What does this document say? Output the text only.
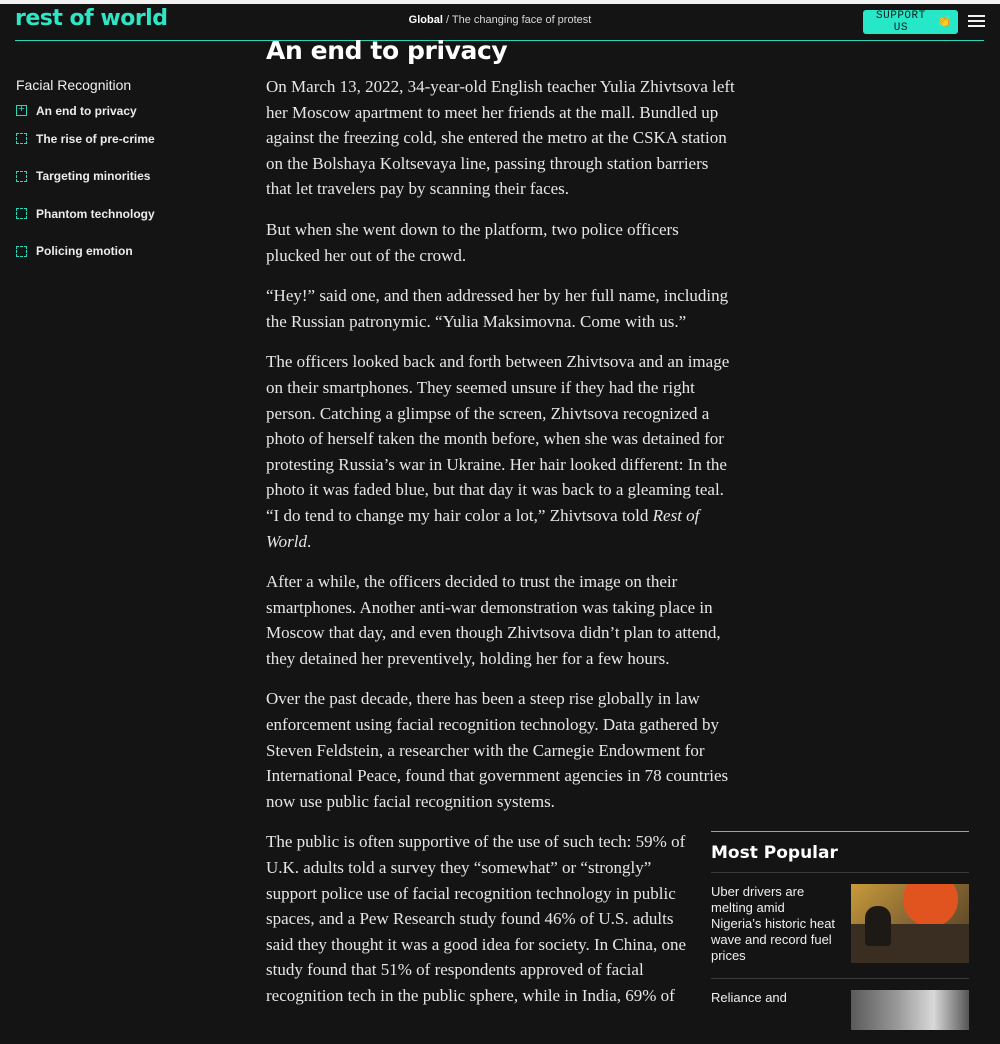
rest of world	Global / The changing face of protest	SUPPORT US	👏
Facial Recognition
+
An end to privacy
The rise of pre-crime
Targeting minorities
Phantom technology
Policing emotion
An end to privacy

On March 13, 2022, 34-year-old English teacher Yulia Zhivtsova left her Moscow apartment to meet her friends at the mall. Bundled up against the freezing cold, she entered the metro at the CSKA station on the Bolshaya Koltsevaya line, passing through station barriers that let travelers pay by scanning their faces.

But when she went down to the platform, two police officers plucked her out of the crowd.

“Hey!” said one, and then addressed her by her full name, including the Russian patronymic. “Yulia Maksimovna. Come with us.”

The officers looked back and forth between Zhivtsova and an image on their smartphones. They seemed unsure if they had the right person. Catching a glimpse of the screen, Zhivtsova recognized a photo of herself taken the month before, when she was detained for protesting Russia’s war in Ukraine. Her hair looked different: In the photo it was faded blue, but that day it was back to a gleaming teal. “I do tend to change my hair color a lot,” Zhivtsova told Rest of World.

After a while, the officers decided to trust the image on their smartphones. Another anti-war demonstration was taking place in Moscow that day, and even though Zhivtsova didn’t plan to attend, they detained her preventively, holding her for a few hours.

Over the past decade, there has been a steep rise globally in law enforcement using facial recognition technology. Data gathered by Steven Feldstein, a researcher with the Carnegie Endowment for International Peace, found that government agencies in 78 countries now use public facial recognition systems.

The public is often supportive of the use of such tech: 59% of U.K. adults told a survey they “somewhat” or “strongly” support police use of facial recognition technology in public spaces, and a Pew Research study found 46% of U.S. adults said they thought it was a good idea for society. In China, one study found that 51% of respondents approved of facial recognition tech in the public sphere, while in India, 69% of

Most Popular
Uber drivers are melting amid Nigeria’s historic heat wave and record fuel prices
Reliance and
